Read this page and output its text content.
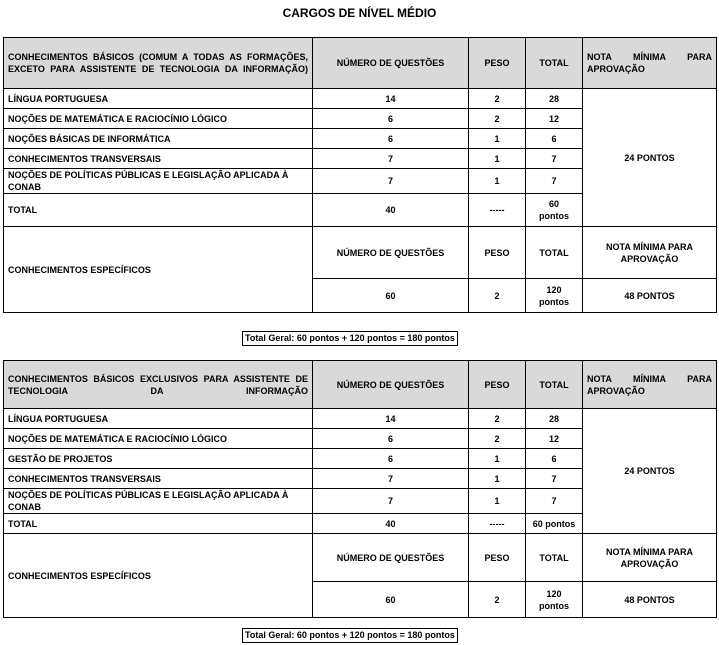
CARGOS DE NÍVEL MÉDIO
CONHECIMENTOS BÁSICOS (COMUM A TODAS AS FORMAÇÕES, EXCETO PARA ASSISTENTE DE TECNOLOGIA DA INFORMAÇÃO)	NÚMERO DE QUESTÕES	PESO	TOTAL	NOTA MÍNIMA PARA APROVAÇÃO
LÍNGUA PORTUGUESA	14	2	28	24 PONTOS
NOÇÕES DE MATEMÁTICA E RACIOCÍNIO LÓGICO	6	2	12	
NOÇÕES BÁSICAS DE INFORMÁTICA	6	1	6	
CONHECIMENTOS TRANSVERSAIS	7	1	7	
NOÇÕES DE POLÍTICAS PÚBLICAS E LEGISLAÇÃO APLICADA À CONAB	7	1	7	
TOTAL	40	-----	60 pontos	
CONHECIMENTOS ESPECÍFICOS	NÚMERO DE QUESTÕES	PESO	TOTAL	NOTA MÍNIMA PARA APROVAÇÃO
	60	2	120 pontos	48 PONTOS
Total Geral: 60 pontos + 120 pontos = 180 pontos
CONHECIMENTOS BÁSICOS EXCLUSIVOS PARA ASSISTENTE DE TECNOLOGIA DA INFORMAÇÃO	NÚMERO DE QUESTÕES	PESO	TOTAL	NOTA MÍNIMA PARA APROVAÇÃO
LÍNGUA PORTUGUESA	14	2	28	24 PONTOS
NOÇÕES DE MATEMÁTICA E RACIOCÍNIO LÓGICO	6	2	12	
GESTÃO DE PROJETOS	6	1	6	
CONHECIMENTOS TRANSVERSAIS	7	1	7	
NOÇÕES DE POLÍTICAS PÚBLICAS E LEGISLAÇÃO APLICADA À CONAB	7	1	7	
TOTAL	40	-----	60 pontos	
CONHECIMENTOS ESPECÍFICOS	NÚMERO DE QUESTÕES	PESO	TOTAL	NOTA MÍNIMA PARA APROVAÇÃO
	60	2	120 pontos	48 PONTOS
Total Geral: 60 pontos + 120 pontos = 180 pontos
